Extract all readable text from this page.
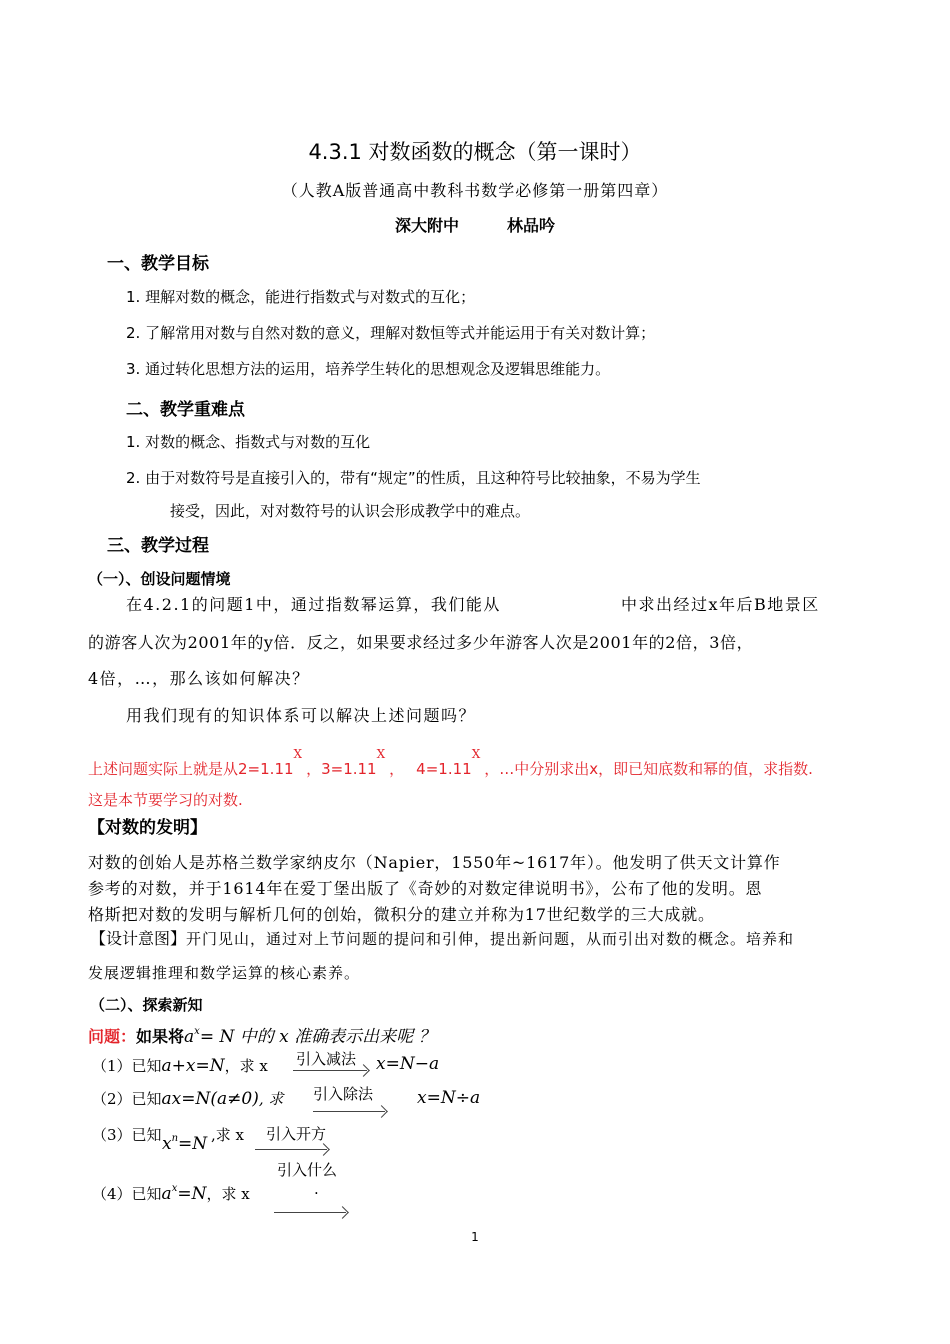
4.3.1 对数函数的概念（第一课时）
（人教A版普通高中教科书数学必修第一册第四章）
深大附中	林品吟
一、教学目标
1. 理解对数的概念，能进行指数式与对数式的互化；
2. 了解常用对数与自然对数的意义，理解对数恒等式并能运用于有关对数计算；
3. 通过转化思想方法的运用，培养学生转化的思想观念及逻辑思维能力。
二、教学重难点
1. 对数的概念、指数式与对数的互化
2. 由于对数符号是直接引入的，带有“规定”的性质，且这种符号比较抽象，不易为学生
接受，因此，对对数符号的认识会形成教学中的难点。
三、教学过程
（一）、创设问题情境
在4.2.1的问题1中，通过指数幂运算，我们能从	中求出经过x年后B地景区
的游客人次为2001年的y倍．反之，如果要求经过多少年游客人次是2001年的2倍，3倍，
4倍，…，那么该如何解决？
用我们现有的知识体系可以解决上述问题吗？
上述问题实际上就是从$2=1.11^X$，$3=1.11^X$， $4=1.11^X$，…中分别求出x，即已知底数和幂的值，求指数.
这是本节要学习的对数.
【对数的发明】
对数的创始人是苏格兰数学家纳皮尔（Napier，1550年~1617年）。他发明了供天文计算作
参考的对数，并于1614年在爱丁堡出版了《奇妙的对数定律说明书》，公布了他的发明。恩
格斯把对数的发明与解析几何的创始，微积分的建立并称为17世纪数学的三大成就。
【设计意图】开门见山，通过对上节问题的提问和引伸，提出新问题，从而引出对数的概念。培养和
发展逻辑推理和数学运算的核心素养。
（二）、探索新知
问题：如果将$a^x= N$ 中的 x 准确表示出来呢 ？
（1）已知a+x=N，求 x 引入减法 x=N−a
（2）已知ax=N(a≠0), 求 引入除法	x=N÷a
（3）已知 $x^n=N$ ,求 x 引入开方
引入什么
（4）已知$a^x=N$，求 x	.
1
